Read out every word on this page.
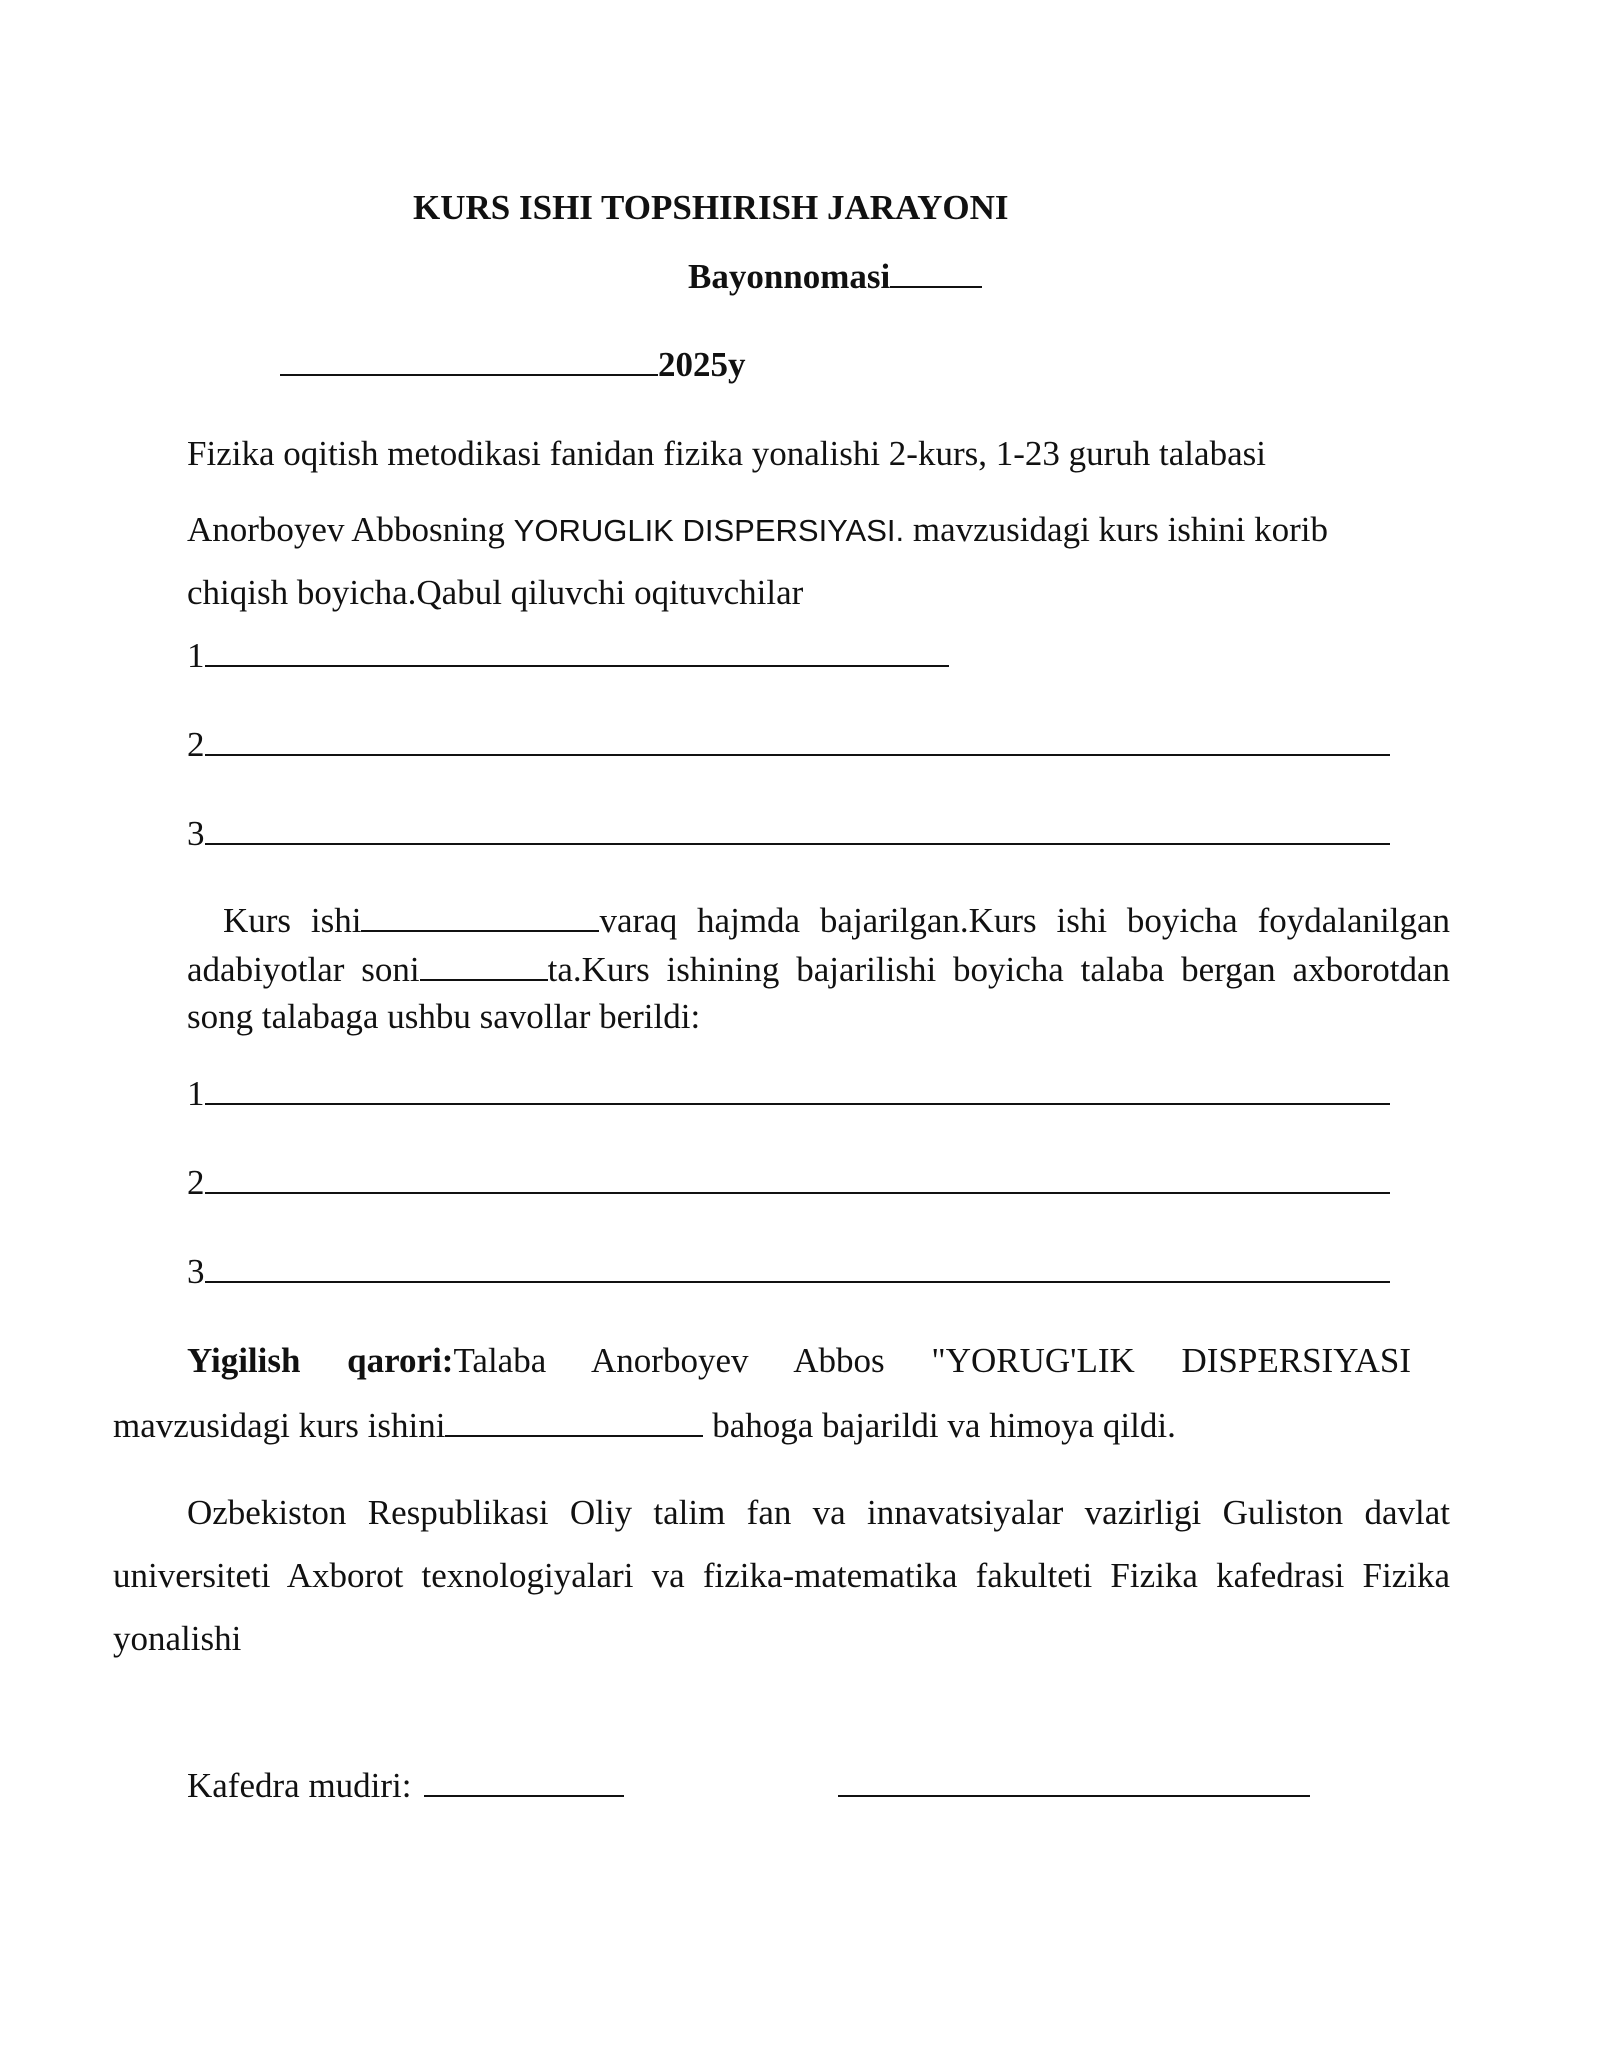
KURS ISHI TOPSHIRISH JARAYONI
Bayonnomasi
2025y
Fizika oqitish metodikasi fanidan fizika yonalishi 2-kurs, 1-23 guruh talabasi
Anorboyev Abbosning YORUGLIK DISPERSIYASI. mavzusidagi kurs ishini korib
chiqish boyicha.Qabul qiluvchi oqituvchilar
1
2
3
Kurs ishi	varaq hajmda bajarilgan.Kurs ishi boyicha foydalanilgan
adabiyotlar soni	ta.Kurs ishining bajarilishi boyicha talaba bergan axborotdan
song talabaga ushbu savollar berildi:
1
2
3
Yigilish qarori:Talaba Anorboyev Abbos "YORUG'LIK DISPERSIYASI
mavzusidagi kurs ishini	bahoga bajarildi va himoya qildi.
Ozbekiston Respublikasi Oliy talim fan va innavatsiyalar vazirligi Guliston davlat
universiteti Axborot texnologiyalari va fizika-matematika fakulteti Fizika kafedrasi Fizika
yonalishi
Kafedra mudiri:
